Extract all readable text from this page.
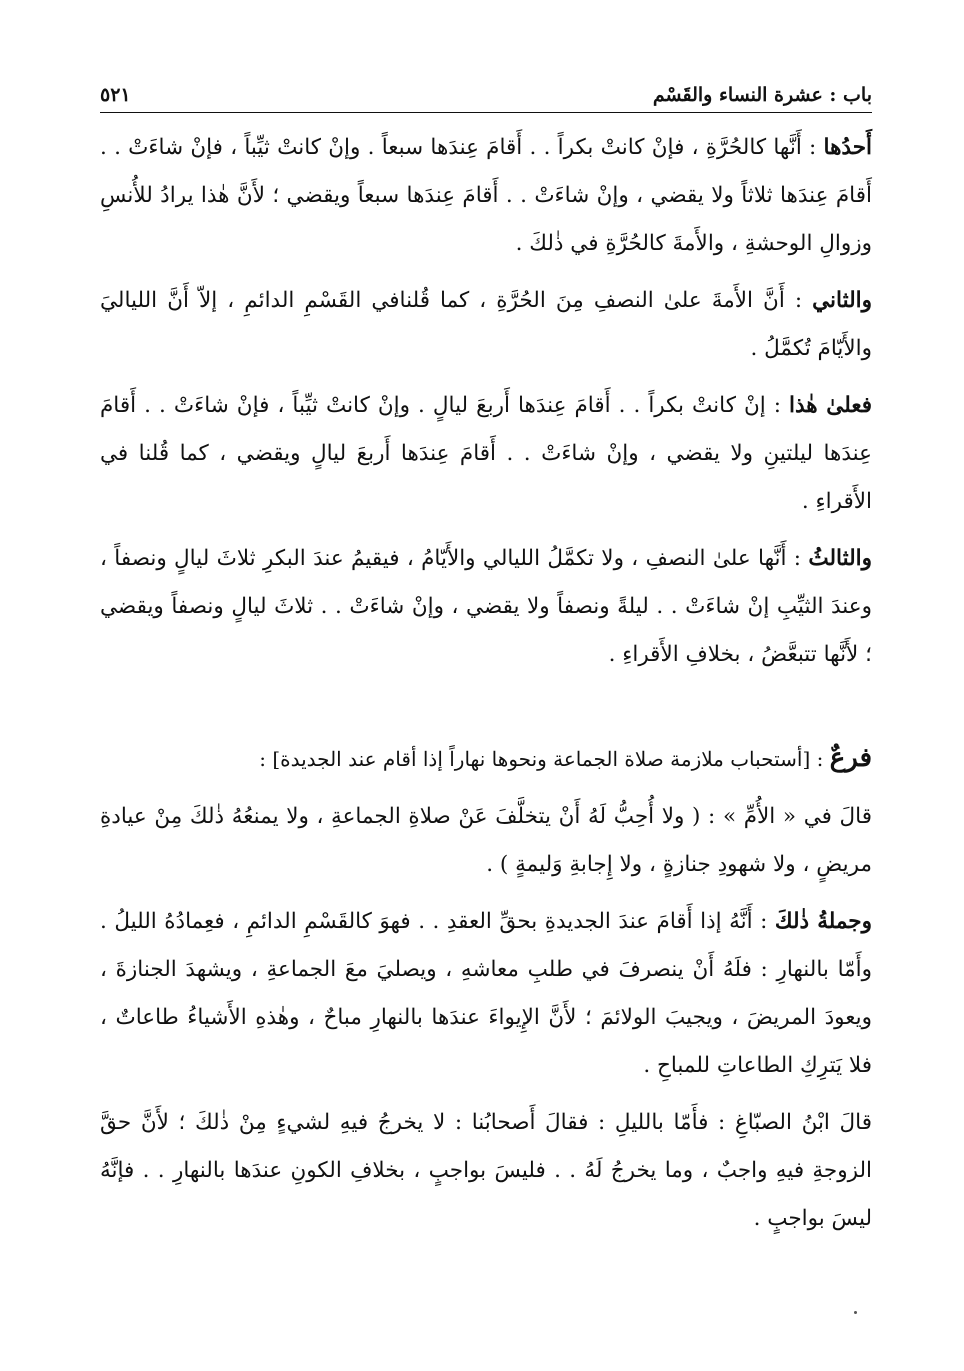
باب : عشرة النساء والقَسْم
٥٢١

أَحدُها : أَنَّها كالحُرَّةِ ، فإنْ كانتْ بكراً . . أَقامَ عِندَها سبعاً . وإنْ كانتْ ثيِّباً ، فإنْ شاءَتْ . . أَقامَ عِندَها ثلاثاً ولا يقضي ، وإنْ شاءَتْ . . أَقامَ عِندَها سبعاً ويقضي ؛ لأَنَّ هٰذا يرادُ للأُنسِ وزوالِ الوحشةِ ، والأَمةَ كالحُرَّةِ في ذٰلكَ .

والثاني : أَنَّ الأَمةَ علىٰ النصفِ مِنَ الحُرَّةِ ، كما قُلنافي القَسْمِ الدائمِ ، إلاّ أَنَّ اللياليَ والأَيّامَ تُكمَّلُ .

فعلىٰ هٰذا : إنْ كانتْ بكراً . . أَقامَ عِندَها أَربعَ ليالٍ . وإنْ كانتْ ثيِّباً ، فإنْ شاءَتْ . . أَقامَ عِندَها ليلتينِ ولا يقضي ، وإنْ شاءَتْ . . أَقامَ عِندَها أَربعَ ليالٍ ويقضي ، كما قُلنا في الأَقراءِ .

والثالثُ : أَنَّها علىٰ النصفِ ، ولا تكمَّلُ الليالي والأَيّامُ ، فيقيمُ عندَ البكرِ ثلاثَ ليالٍ ونصفاً ، وعندَ الثيِّبِ إنْ شاءَتْ . . ليلةً ونصفاً ولا يقضي ، وإنْ شاءَتْ . . ثلاثَ ليالٍ ونصفاً ويقضي ؛ لأَنَّها تتبعَّضُ ، بخلافِ الأَقراءِ .

فرعٌ : [أستحباب ملازمة صلاة الجماعة ونحوها نهاراً إذا أقام عند الجديدة] :

قالَ في « الأُمِّ » : ( ولا أُحِبُّ لَهُ أَنْ يتخلَّفَ عَنْ صلاةِ الجماعةِ ، ولا يمنعُهُ ذٰلكَ مِنْ عيادةِ مريضٍ ، ولا شهودِ جنازةٍ ، ولا إِجابةِ وَليمةٍ ) .

وجملةُ ذٰلكَ : أَنَّهُ إذا أَقامَ عندَ الجديدةِ بحقِّ العقدِ . . فهوَ كالقَسْمِ الدائمِ ، فعِمادُهُ الليلُ . وأَمّا بالنهارِ : فلَهُ أَنْ ينصرفَ في طلبِ معاشهِ ، ويصليَ معَ الجماعةِ ، ويشهدَ الجنازةَ ، ويعودَ المريضَ ، ويجيبَ الولائمَ ؛ لأَنَّ الإِيواءَ عندَها بالنهارِ مباحٌ ، وهٰذهِ الأَشياءُ طاعاتٌ ، فلا يَترِكِ الطاعاتِ للمباحِ .

قالَ ابْنُ الصبّاغِ : فأَمّا بالليلِ : فقالَ أَصحابُنا : لا يخرجُ فيهِ لشيءٍ مِنْ ذٰلكَ ؛ لأَنَّ حقَّ الزوجةِ فيهِ واجبٌ ، وما يخرجُ لَهُ . . فليسَ بواجبٍ ، بخلافِ الكونِ عندَها بالنهارِ . . فإنَّهُ ليسَ بواجبٍ .
